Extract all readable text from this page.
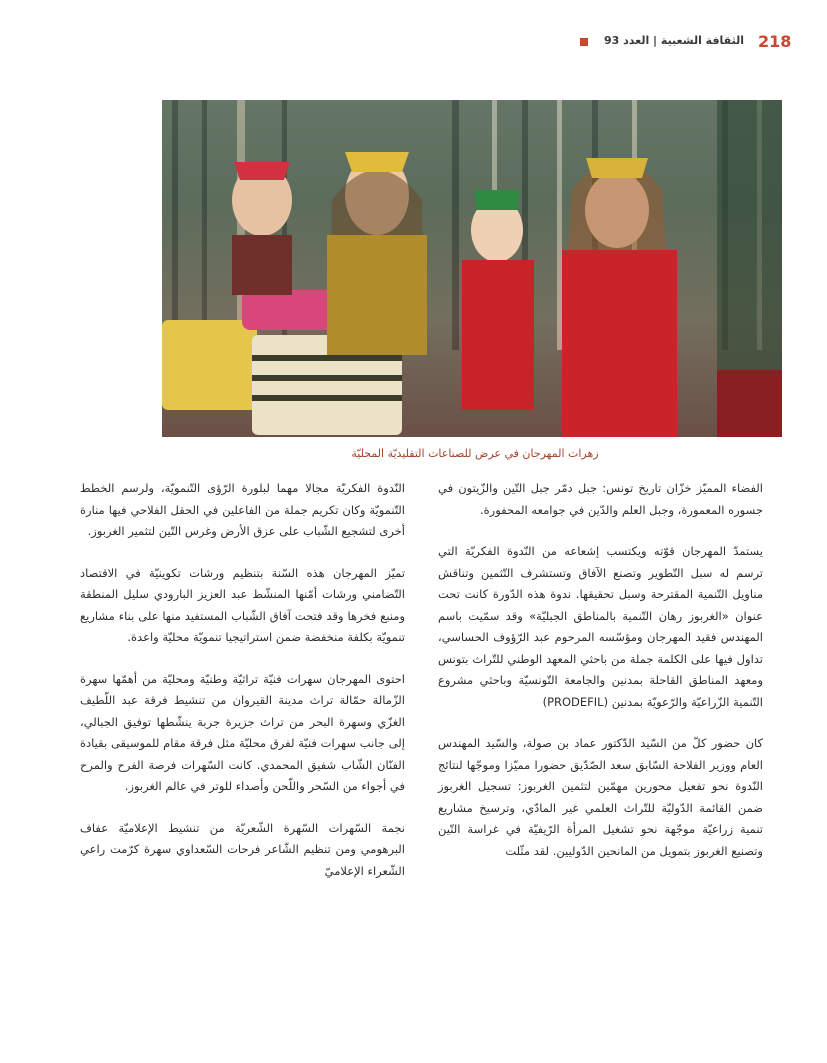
الثقافة الشعبية | العدد 93 218
زهرات المهرجان في عرض للصناعات التقليديّة المحليّة

الفضاء المميّز خزّان تاريخ تونس: جبل دمّر جبل التّين والزّيتون في جسوره المعمورة، وجبل العلم والدّين في جوامعه المحفورة.

يستمدّ المهرجان قوّته ويكتسب إشعاعه من النّدوة الفكريّة التي ترسم له سبل التّطوير وتصنع الآفاق وتستشرف التّثمين وتناقش مناويل التّنمية المقترحة وسبل تحقيقها. ندوة هذه الدّورة كانت تحت عنوان «الغربوز رهان التّنمية بالمناطق الجبليّة» وقد سمّيت باسم المهندس فقيد المهرجان ومؤسّسه المرحوم عبد الرّؤوف الحساسي، تداول فيها على الكلمة جملة من باحثي المعهد الوطني للتّراث بتونس ومعهد المناطق القاحلة بمدنين والجامعة التّونسيّة وباحثي مشروع التّنمية الزّراعيّة والرّعويّة بمدنين (PRODEFIL)

كان حضور كلّ من السّيد الدّكتور عماد بن صولة، والسّيد المهندس العام ووزير الفلاحة السّابق سعد الصّدّيق حضورا مميّزا وموجّها لنتائج النّدوة نحو تفعيل محورين مهمّين لتثمين الغربوز: تسجيل الغربوز ضمن القائمة الدّوليّة للتّراث العلمي غير المادّي، وترسيخ مشاريع تنمية زراعيّة موجّهة نحو تشغيل المرأة الرّيفيّة في غراسة التّين وتصنيع الغربوز بتمويل من المانحين الدّوليين. لقد مثّلت

النّدوة الفكريّة مجالا مهما لبلورة الرّؤى التّنمويّة، ولرسم الخطط التّنمويّة وكان تكريم جملة من الفاعلين في الحقل الفلاحي فيها منارة أخرى لتشجيع الشّباب على عزق الأرض وغرس التّين لتثمير الغربوز.

تميّز المهرجان هذه السّنة بتنظيم ورشات تكوينيّة في الاقتصاد التّضامني ورشات أمّنها المنشّط عبد العزيز البارودي سليل المنطقة ومنبع فخرها وقد فتحت آفاق الشّباب المستفيد منها على بناء مشاريع تنمويّة بكلفة منخفضة ضمن استراتيجيا تنمويّة محليّة واعدة.

احتوى المهرجان سهرات فنيّة تراثيّة وطنيّة ومحليّة من أهمّها سهرة الزّمالة حمّالة تراث مدينة القيروان من تنشيط فرقة عبد اللّطيف الغزّي وسهرة البحر من تراث جزيرة جربة ينشّطها توفيق الجبالي، إلى جانب سهرات فنيّة لفرق محليّة مثل فرقة مقام للموسيقى بقيادة الفنّان الشّاب شفيق المحمدي. كانت السّهرات فرصة الفرح والمرح في أجواء من السّحر واللّحن وأصداء للوتر في عالم الغربوز.

نجمة السّهرات السّهرة الشّعريّة من تنشيط الإعلاميّة عفاف البرهومي ومن تنظيم الشّاعر فرحات السّعداوي سهرة كرّمت راعي الشّعراء الإعلاميّ
